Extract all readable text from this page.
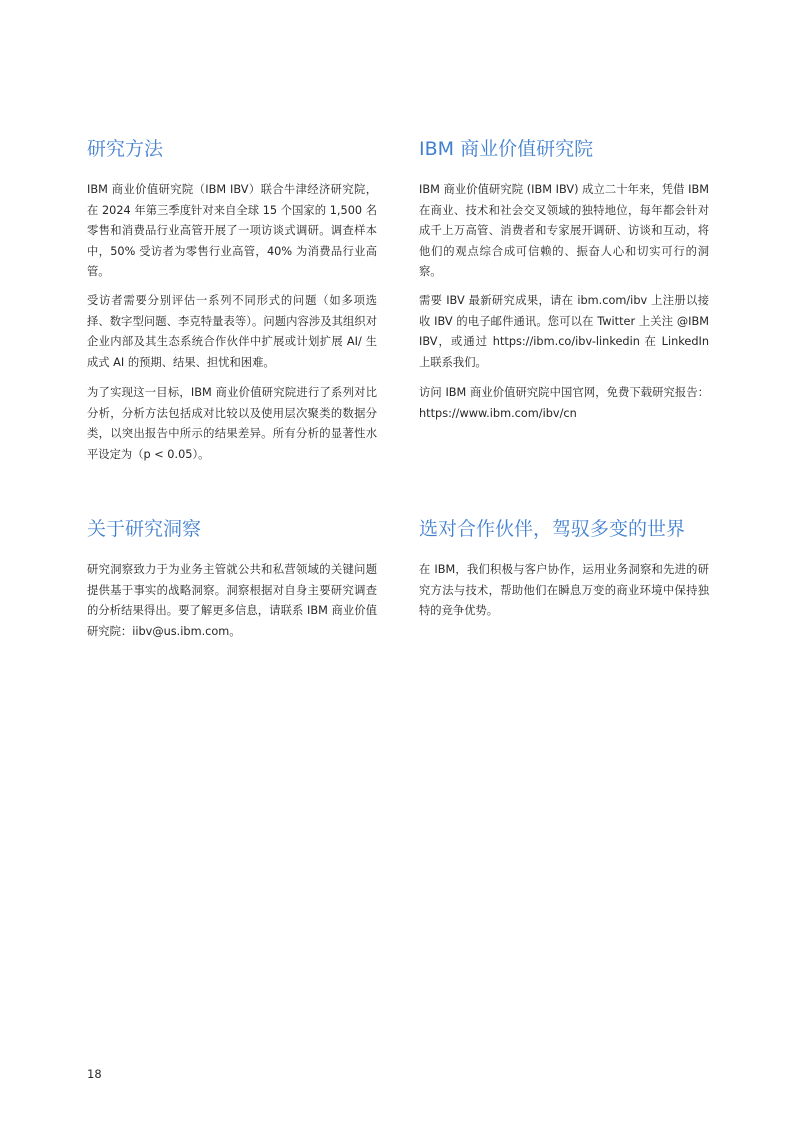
研究方法

IBM 商业价值研究院（IBM IBV）联合牛津经济研究院，在 2024 年第三季度针对来自全球 15 个国家的 1,500 名零售和消费品行业高管开展了一项访谈式调研。调查样本中，50% 受访者为零售行业高管，40% 为消费品行业高管。

受访者需要分别评估一系列不同形式的问题（如多项选择、数字型问题、李克特量表等）。问题内容涉及其组织对企业内部及其生态系统合作伙伴中扩展或计划扩展 AI/ 生成式 AI 的预期、结果、担忧和困难。

为了实现这一目标，IBM 商业价值研究院进行了系列对比分析，分析方法包括成对比较以及使用层次聚类的数据分类，以突出报告中所示的结果差异。所有分析的显著性水平设定为（p < 0.05）。

IBM 商业价值研究院

IBM 商业价值研究院 (IBM IBV) 成立二十年来，凭借 IBM 在商业、技术和社会交叉领域的独特地位，每年都会针对成千上万高管、消费者和专家展开调研、访谈和互动，将他们的观点综合成可信赖的、振奋人心和切实可行的洞察。

需要 IBV 最新研究成果，请在 ibm.com/ibv 上注册以接收 IBV 的电子邮件通讯。您可以在 Twitter 上关注 @IBMIBV，或通过 https://ibm.co/ibv-linkedin 在 LinkedIn 上联系我们。

访问 IBM 商业价值研究院中国官网，免费下载研究报告：https://www.ibm.com/ibv/cn

关于研究洞察

研究洞察致力于为业务主管就公共和私营领域的关键问题提供基于事实的战略洞察。洞察根据对自身主要研究调查的分析结果得出。要了解更多信息，请联系 IBM 商业价值研究院：iibv@us.ibm.com。

选对合作伙伴，驾驭多变的世界

在 IBM，我们积极与客户协作，运用业务洞察和先进的研究方法与技术，帮助他们在瞬息万变的商业环境中保持独特的竞争优势。

18
